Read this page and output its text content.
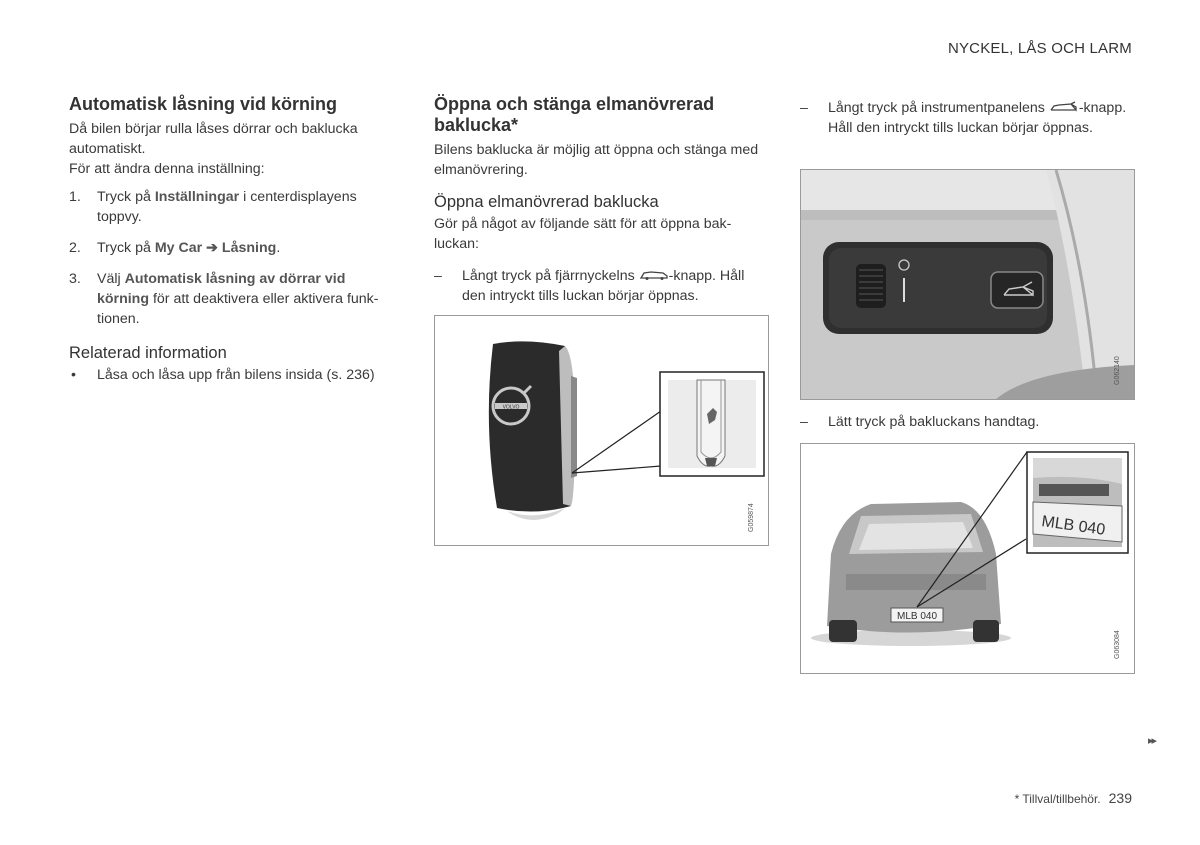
NYCKEL, LÅS OCH LARM
Automatisk låsning vid körning

Då bilen börjar rulla låses dörrar och baklucka automatiskt.

För att ändra denna inställning:

1. Tryck på Inställningar i centerdisplayens toppvy.
2. Tryck på My Car ➔ Låsning.
3. Välj Automatisk låsning av dörrar vid körning för att deaktivera eller aktivera funk- tionen.
Relaterad information
• Låsa och låsa upp från bilens insida (s. 236)
Öppna och stänga elmanövrerad baklucka*

Bilens baklucka är möjlig att öppna och stänga med elmanövrering.

Öppna elmanövrerad baklucka

Gör på något av följande sätt för att öppna bak- luckan:

– Långt tryck på fjärrnyckelns -knapp. Håll den intryckt tills luckan börjar öppnas.
VOLVO
G059874
– Långt tryck på instrumentpanelens -knapp. Håll den intryckt tills luckan börjar öppnas.
G062140
– Lätt tryck på bakluckans handtag.
MLB 040
MLB 040
G063084
▸▸
* Tillval/tillbehör. 239
